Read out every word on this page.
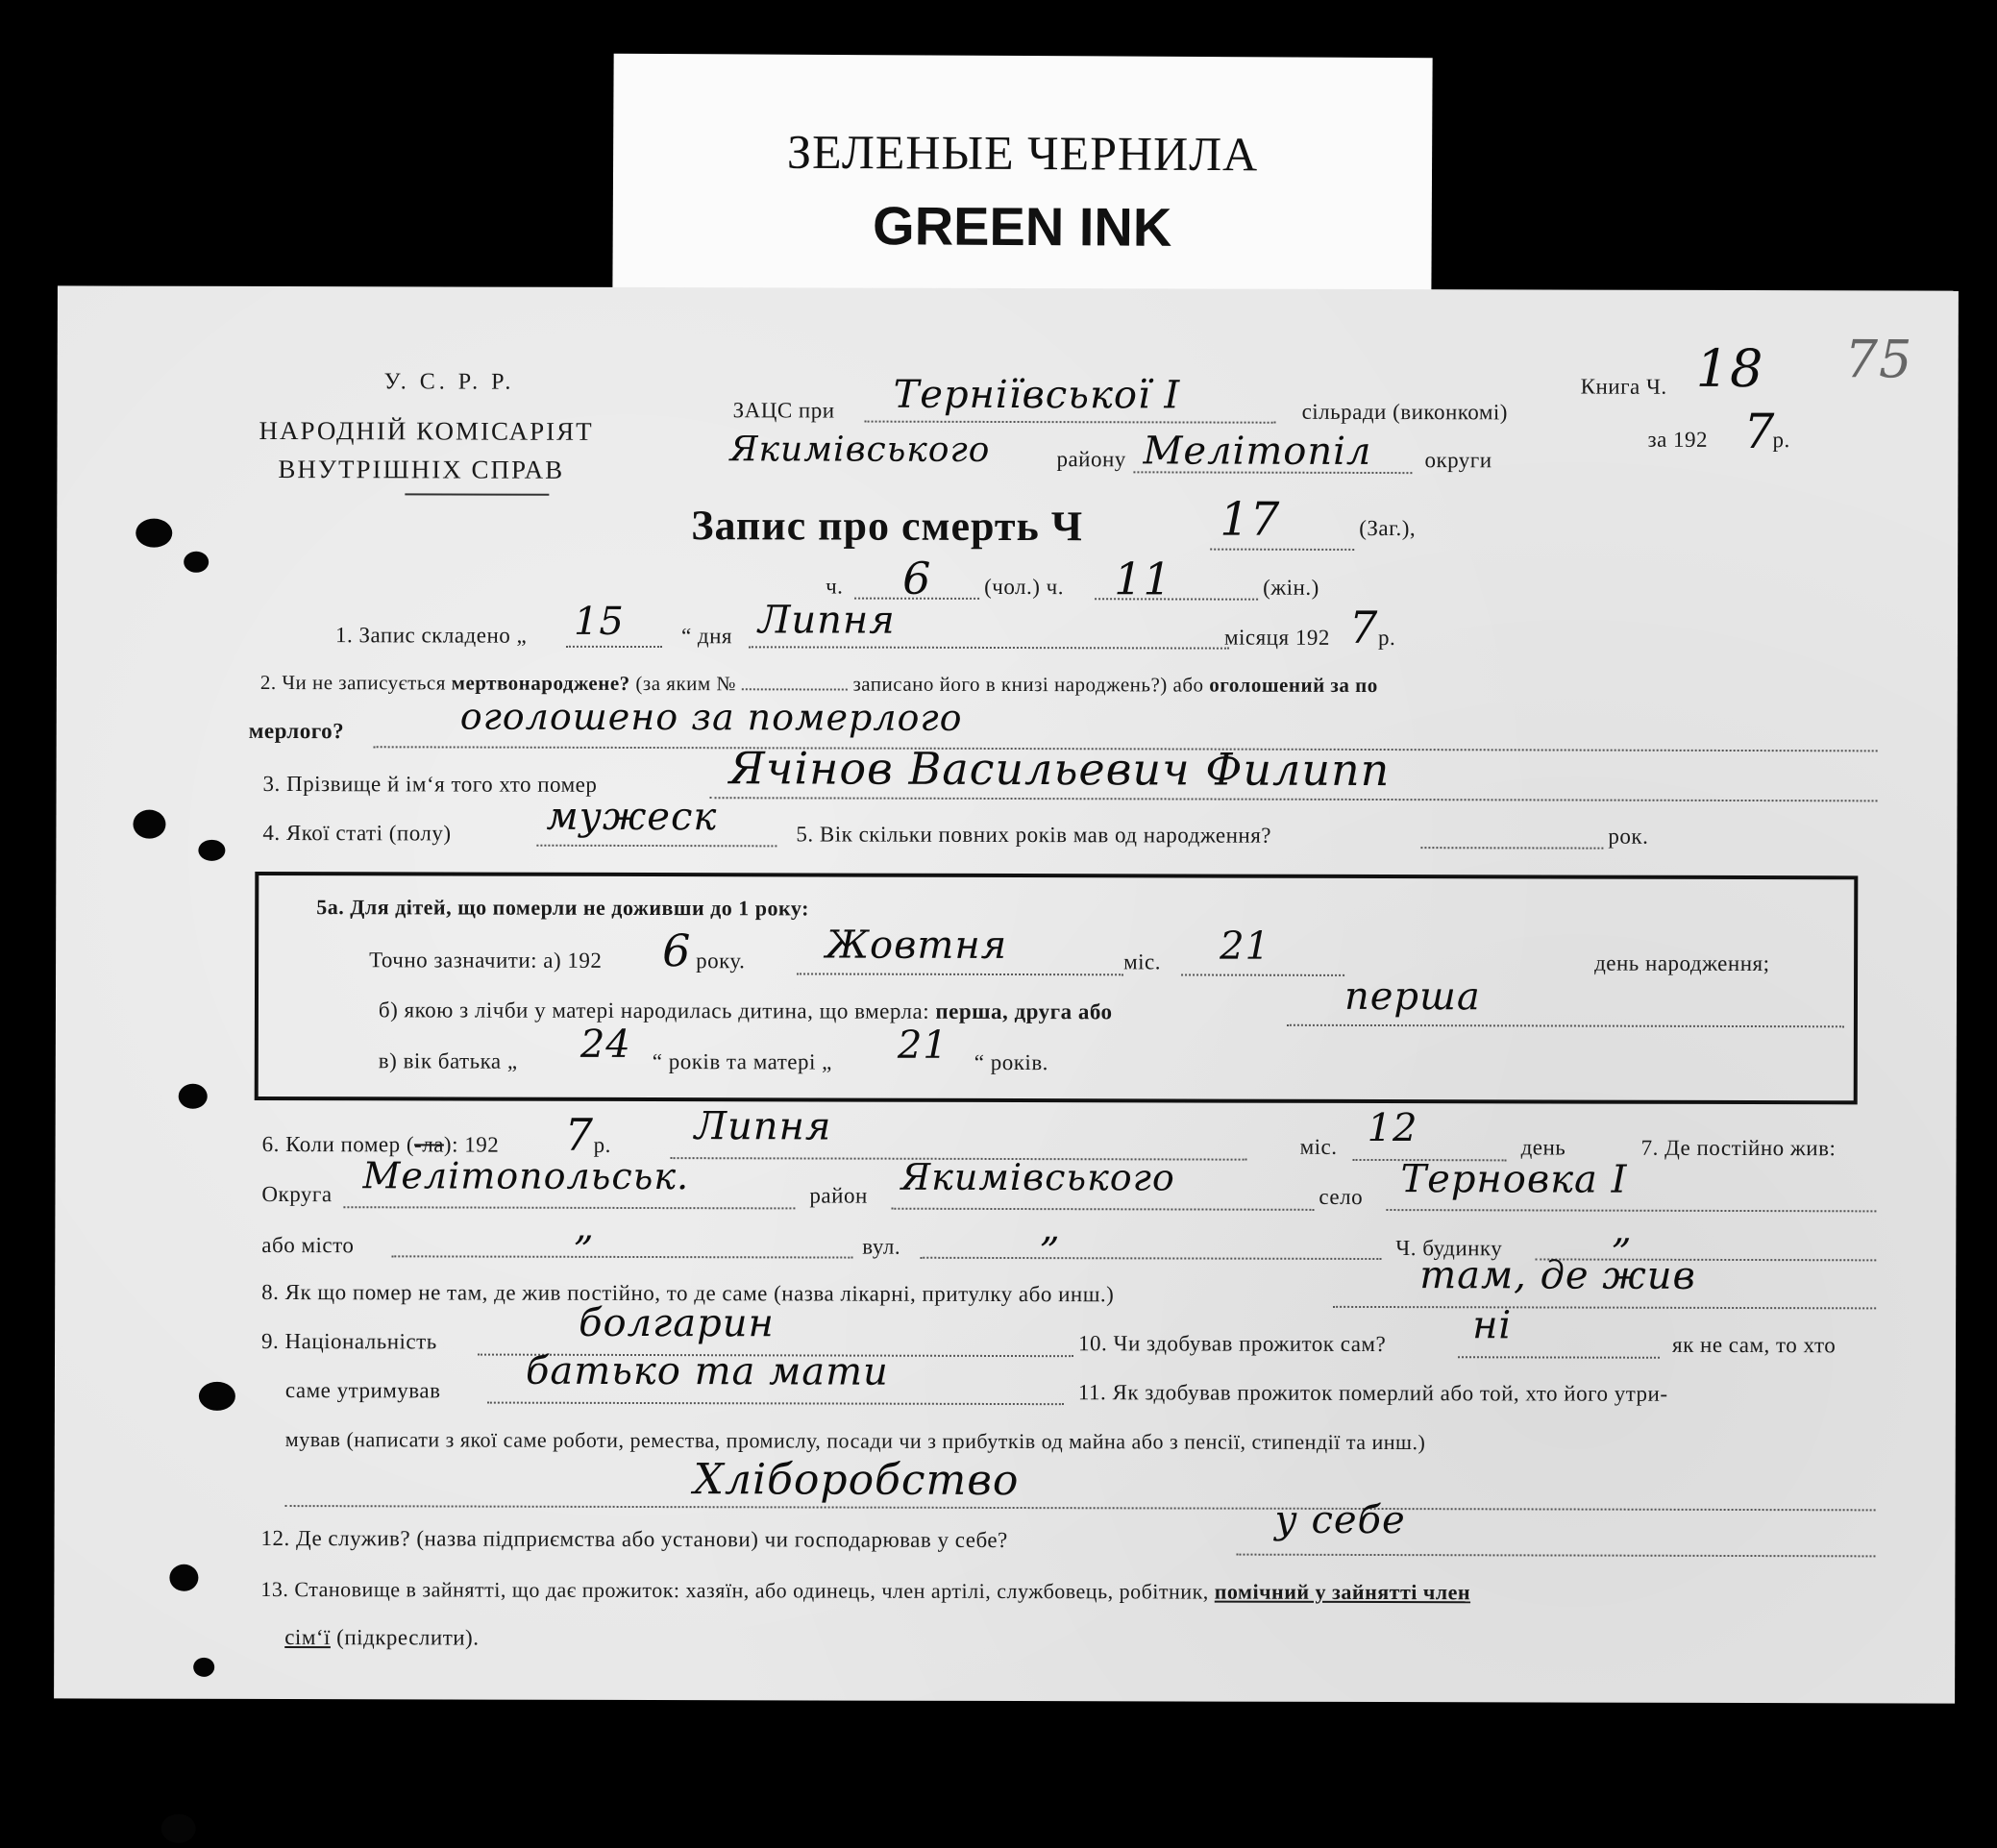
ЗЕЛЕНЫЕ ЧЕРНИЛА
GREEN INK
У. С. Р. Р.
НАРОДНІЙ КОМІСАРІЯТ
ВНУТРІШНІХ СПРАВ
ЗАЦС при Терніївської І	сільради (виконкомі)
Якимівського	району Мелітопіл округи
Книга Ч. 18 75
за 192 7
р.
Запис про смерть Ч	17	(Заг.),
ч. 6 (чол.) ч. 11	(жін.)
1. Запис складено „ 15	“ дня Липня	місяця 192 7 р.
2. Чи не записується мертвонароджене? (за яким №	записано його в книзі народжень?) або оголошений за по
мерлого?	оголошено за померлого
3. Прізвище й ім‘я того хто помер	Ячінов Васильевич Филипп
4. Якої статі (полу) мужеск	5. Вік скільки повних років мав од народження?	рок.
5а. Для дітей, що померли не доживши до 1 року:
Точно зазначити: а) 192 6 року. Жовтня	міс. 21	день народження;
б) якою з лічби у матері народилась дитина, що вмерла: перша, друга або	перша
в) вік батька „ 24 “ років та матері „ 21 “ років.
6. Коли помер (-ла): 192 7 р. Липня	міс. 12	день	7. Де постійно жив:
Округа Мелітопольськ.	район Якимівського	село Терновка І
або місто	„	вул.	„	Ч. будинку	„
8. Як що помер не там, де жив постійно, то де саме (назва лікарні, притулку або инш.)	там, де жив
9. Національність	болгарин	10. Чи здобував прожиток сам? ні	як не сам, то хто
саме утримував батько та мати	11. Як здобував прожиток померлий або той, хто його утри-
мував (написати з якої саме роботи, ремества, промислу, посади чи з прибутків од майна або з пенсії, стипендії та инш.)
Хліборобство
12. Де служив? (назва підприємства або установи) чи господарював у себе?	у себе
13. Становище в зайнятті, що дає прожиток: хазяїн, або одинець, член артілі, службовець, робітник, помічний у зайнятті член
сім‘ї (підкреслити).
